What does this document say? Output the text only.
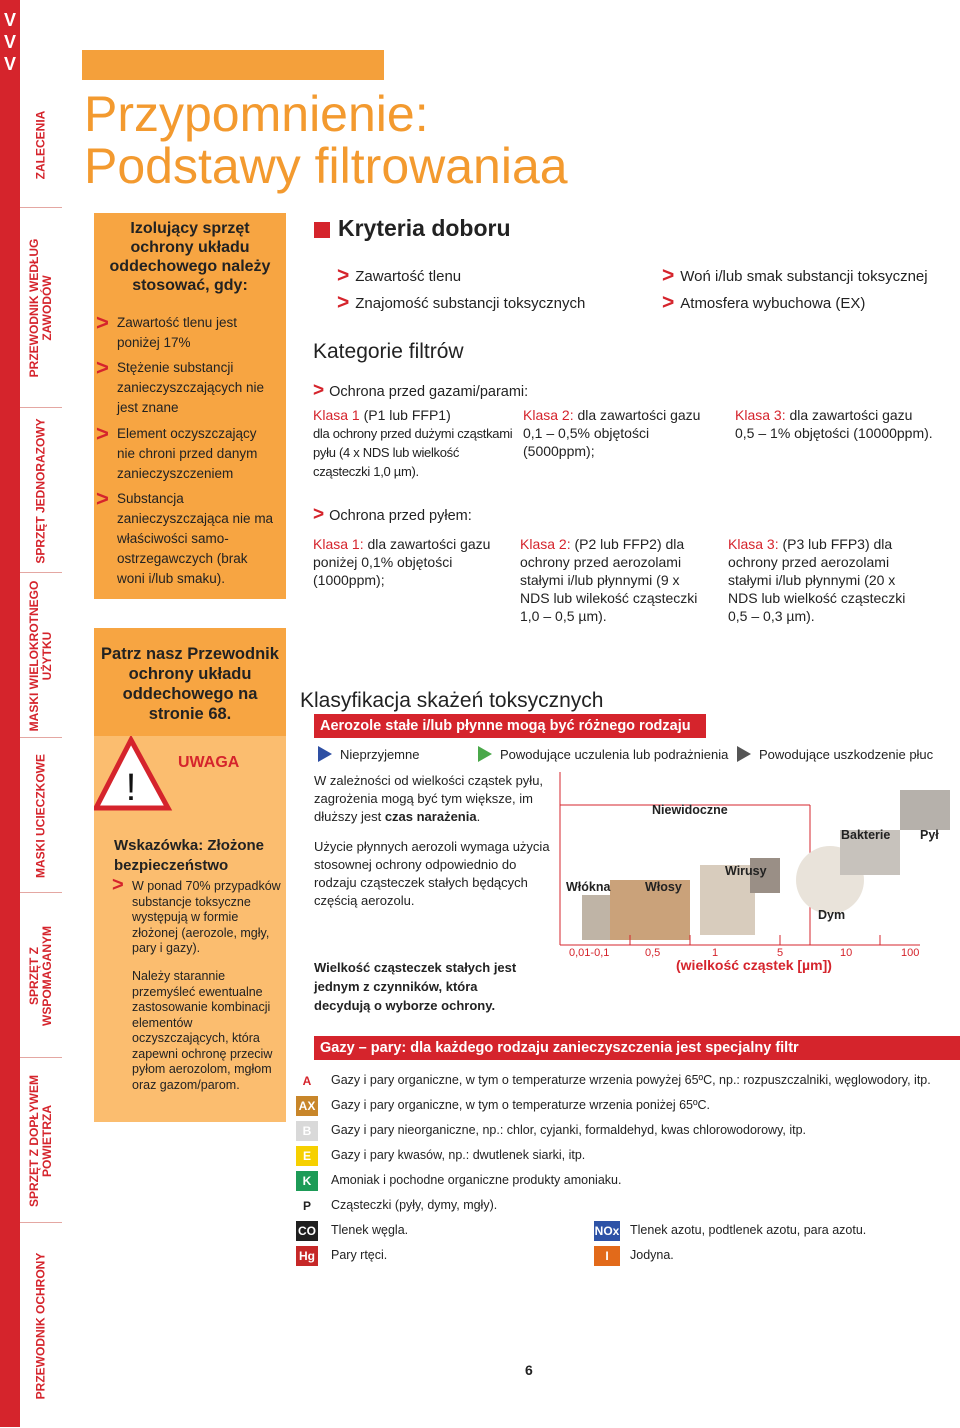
V
V
V
ZALECENIA
PRZEWODNIK WEDŁUG ZAWODÓW
SPRZĘT JEDNORAZOWY
MASKI WIELOKROTNEGO UŻYTKU
MASKI UCIECZKOWE
SPRZĘT Z WSPOMAGANYM
SPRZĘT Z DOPŁYWEM POWIETRZA
PRZEWODNIK OCHRONY
Przypomnienie:
Podstawy filtrowaniaa
Izolujący sprzęt ochrony układu oddechowego należy stosować, gdy:
> Zawartość tlenu jest poniżej 17%
> Stężenie substancji zanieczyszczających nie jest znane
> Element oczyszczający nie chroni przed danym zanieczyszczeniem
> Substancja zanieczyszczająca nie ma właściwości samo-ostrzegawczych (brak woni i/lub smaku).
Patrz nasz Przewodnik ochrony układu oddechowego na stronie 68.
!
UWAGA
Wskazówka: Złożone bezpieczeństwo
> W ponad 70% przypadków substancje toksyczne występują w formie złożonej (aerozole, mgły, pary i gazy).
Należy starannie przemyśleć ewentualne zastosowanie kombinacji elementów oczyszczających, która zapewni ochronę przeciw pyłom aerozolom, mgłom oraz gazom/parom.
Kryteria doboru
> Zawartość tlenu
> Znajomość substancji toksycznych
> Woń i/lub smak substancji toksycznej
> Atmosfera wybuchowa (EX)
Kategorie filtrów
> Ochrona przed gazami/parami:
Klasa 1 (P1 lub FFP1)
dla ochrony przed dużymi cząstkami pyłu (4 x NDS lub wielkość cząsteczki 1,0 µm).
Klasa 2: dla zawartości gazu
0,1 – 0,5% objętości (5000ppm);
Klasa 3: dla zawartości gazu
0,5 – 1% objętości (10000ppm).
> Ochrona przed pyłem:
Klasa 1: dla zawartości gazu
poniżej 0,1% objętości (1000ppm);
Klasa 2: (P2 lub FFP2) dla
ochrony przed aerozolami stałymi i/lub płynnymi (9 x NDS lub wilekość cząsteczki 1,0 – 0,5 µm).
Klasa 3: (P3 lub FFP3) dla
ochrony przed aerozolami stałymi i/lub płynnymi (20 x NDS lub wielkość cząsteczki 0,5 – 0,3 µm).
Klasyfikacja skażeń toksycznych
Aerozole stałe i/lub płynne mogą być różnego rodzaju
Nieprzyjemne	Powodujące uczulenia lub podrażnienia Powodujące uszkodzenie płuc
W zależności od wielkości cząstek pyłu, zagrożenia mogą być tym większe, im dłuższy jest czas narażenia.
Użycie płynnych aerozoli wymaga użycia stosownej ochrony odpowiednio do rodzaju cząsteczek stałych będących częścią aerozolu.
Wielkość cząsteczek stałych jest jednym z czynników, która decydują o wyborze ochrony.
Niewidoczne
Bakterie Pył
Wirusy
Włókna	Włosy
Dym
0,01-0,1	0,5	1	5	10	100
(wielkość cząstek [µm])
Gazy – pary: dla każdego rodzaju zanieczyszczenia jest specjalny filtr
A	Gazy i pary organiczne, w tym o temperaturze wrzenia powyżej 65ºC, np.: rozpuszczalniki, węglowodory, itp.
AX Gazy i pary organiczne, w tym o temperaturze wrzenia poniżej 65ºC.
B	Gazy i pary nieorganiczne, np.: chlor, cyjanki, formaldehyd, kwas chlorowodorowy, itp.
E	Gazy i pary kwasów, np.: dwutlenek siarki, itp.
K	Amoniak i pochodne organiczne produkty amoniaku.
P	Cząsteczki (pyły, dymy, mgły).
CO Tlenek węgla.
Hg Pary rtęci.
NOx Tlenek azotu, podtlenek azotu, para azotu.
I	Jodyna.
6
